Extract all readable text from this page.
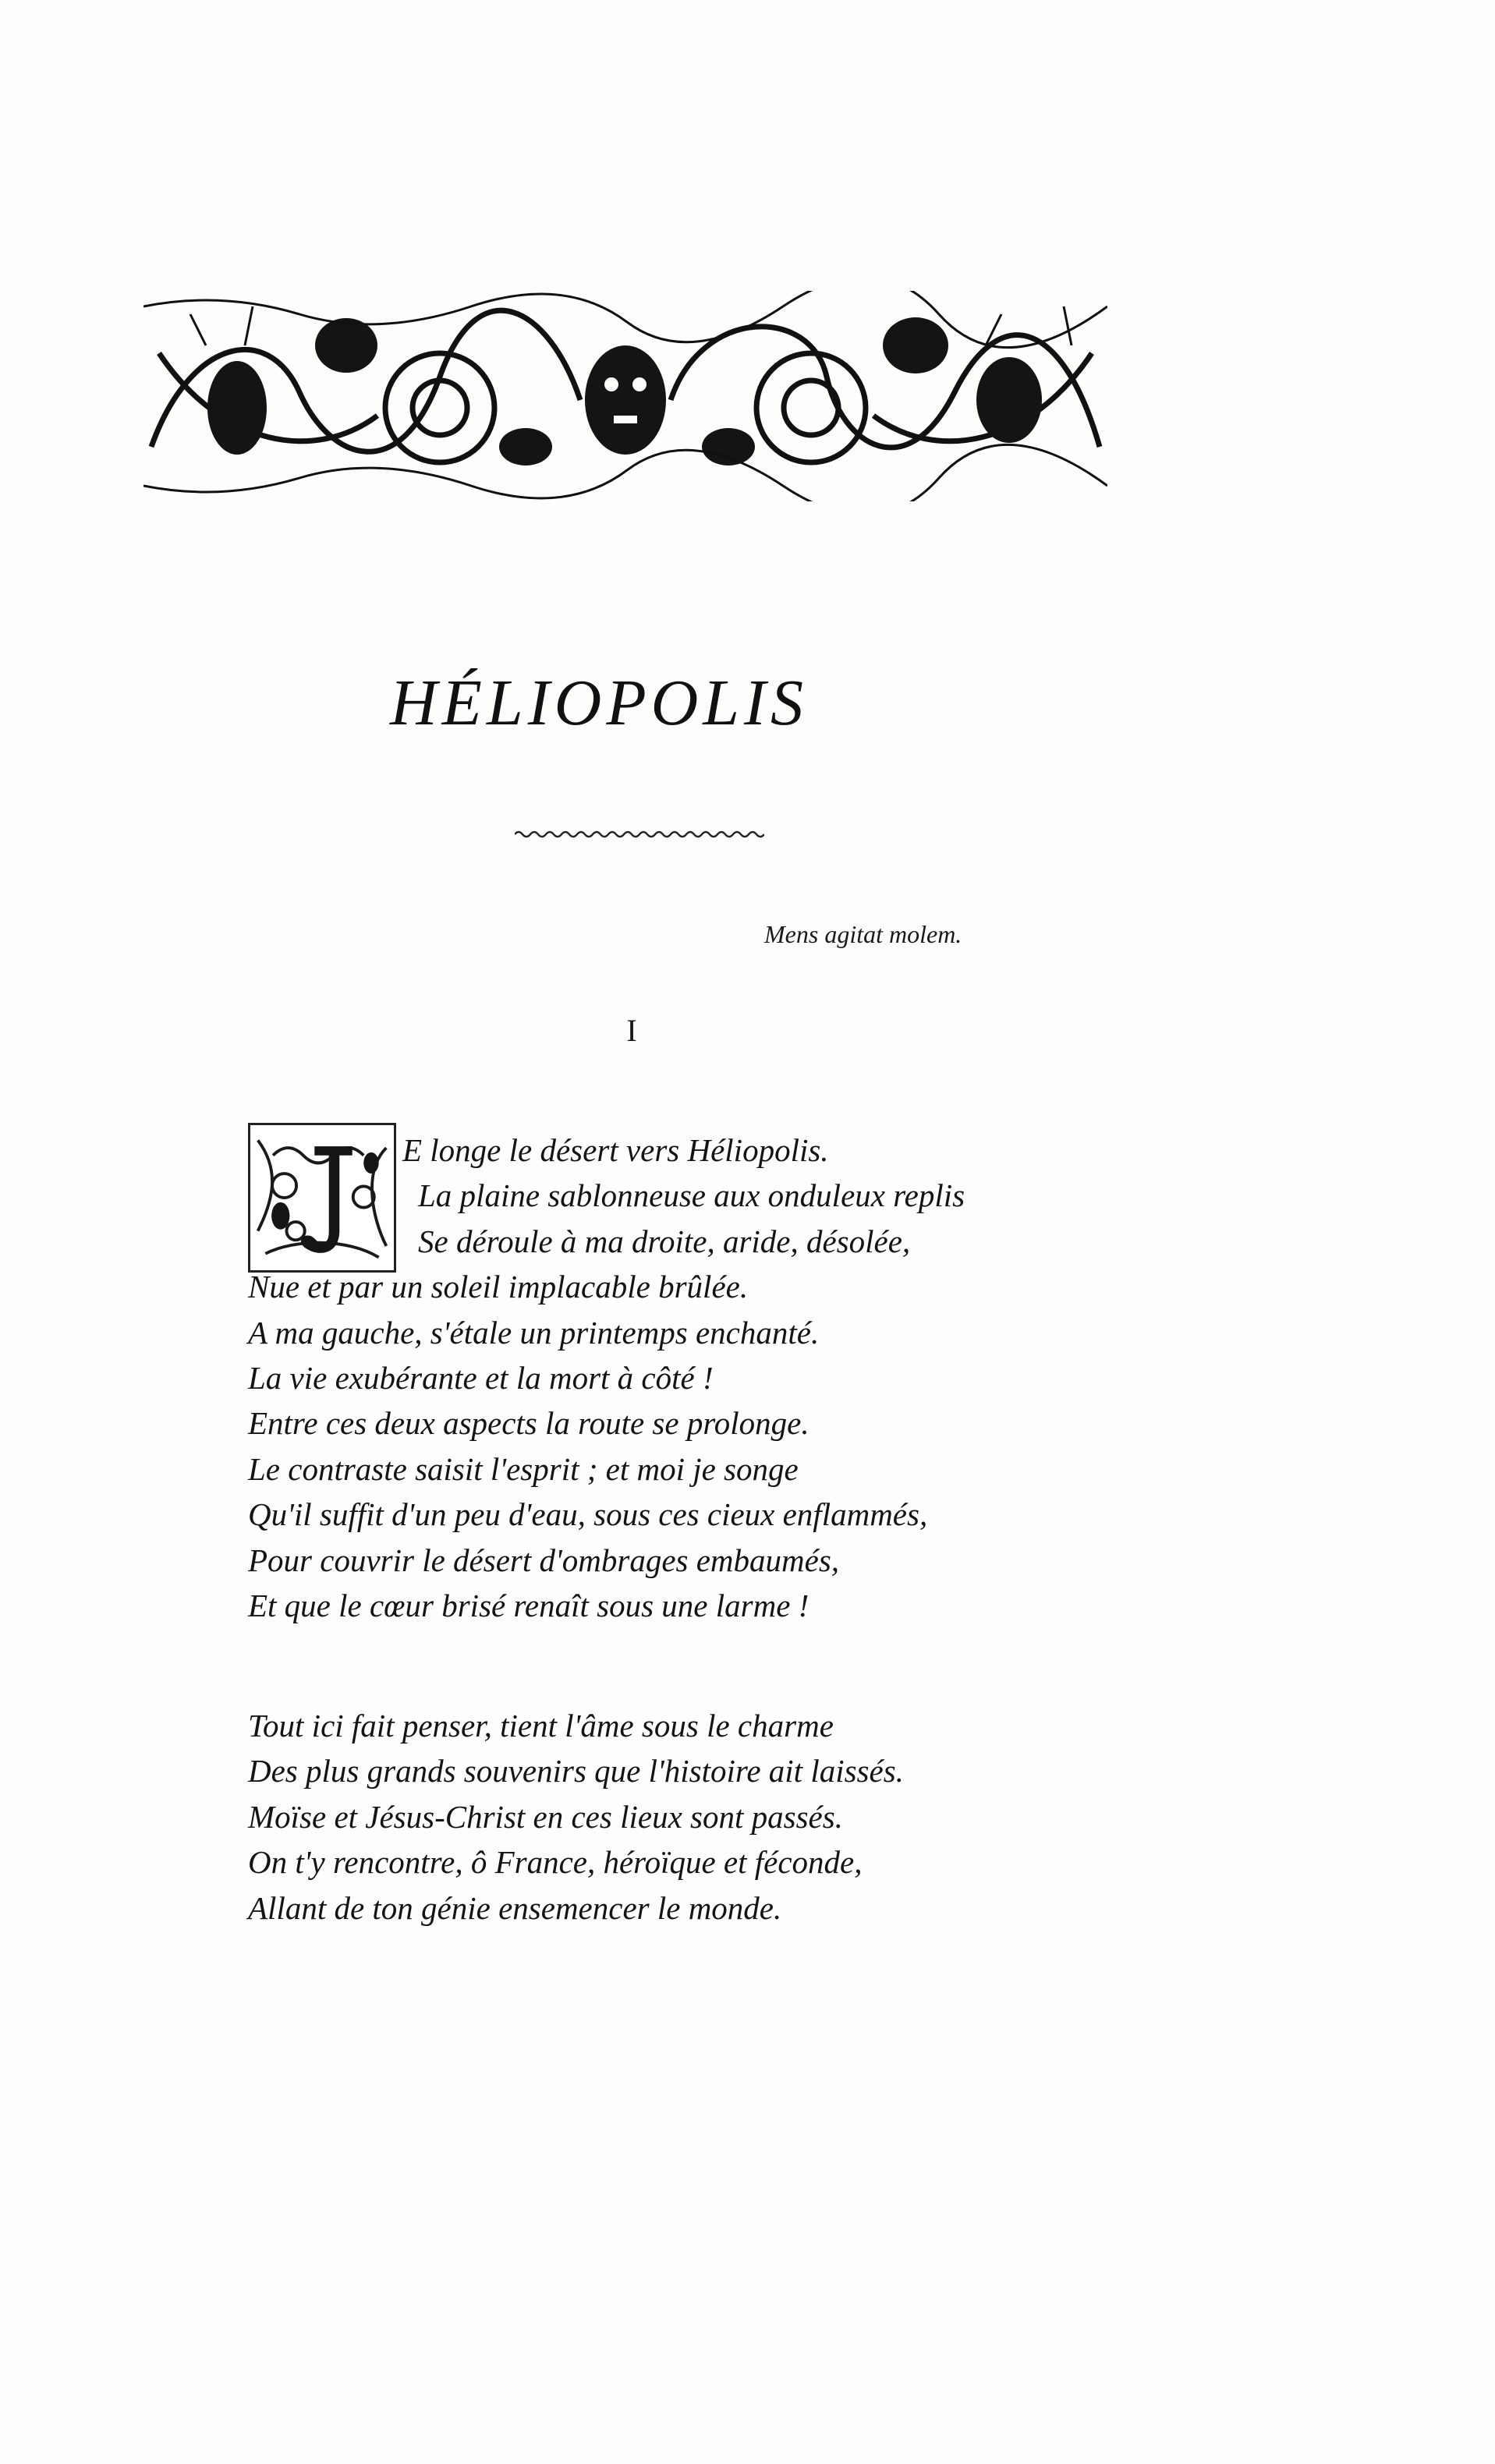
HÉLIOPOLIS
Mens agitat molem.
I
E longe le désert vers Héliopolis.
La plaine sablonneuse aux onduleux replis
Se déroule à ma droite, aride, désolée,
Nue et par un soleil implacable brûlée.
A ma gauche, s'étale un printemps enchanté.
La vie exubérante et la mort à côté !
Entre ces deux aspects la route se prolonge.
Le contraste saisit l'esprit ; et moi je songe
Qu'il suffit d'un peu d'eau, sous ces cieux enflammés,
Pour couvrir le désert d'ombrages embaumés,
Et que le cœur brisé renaît sous une larme !
Tout ici fait penser, tient l'âme sous le charme
Des plus grands souvenirs que l'histoire ait laissés.
Moïse et Jésus-Christ en ces lieux sont passés.
On t'y rencontre, ô France, héroïque et féconde,
Allant de ton génie ensemencer le monde.
